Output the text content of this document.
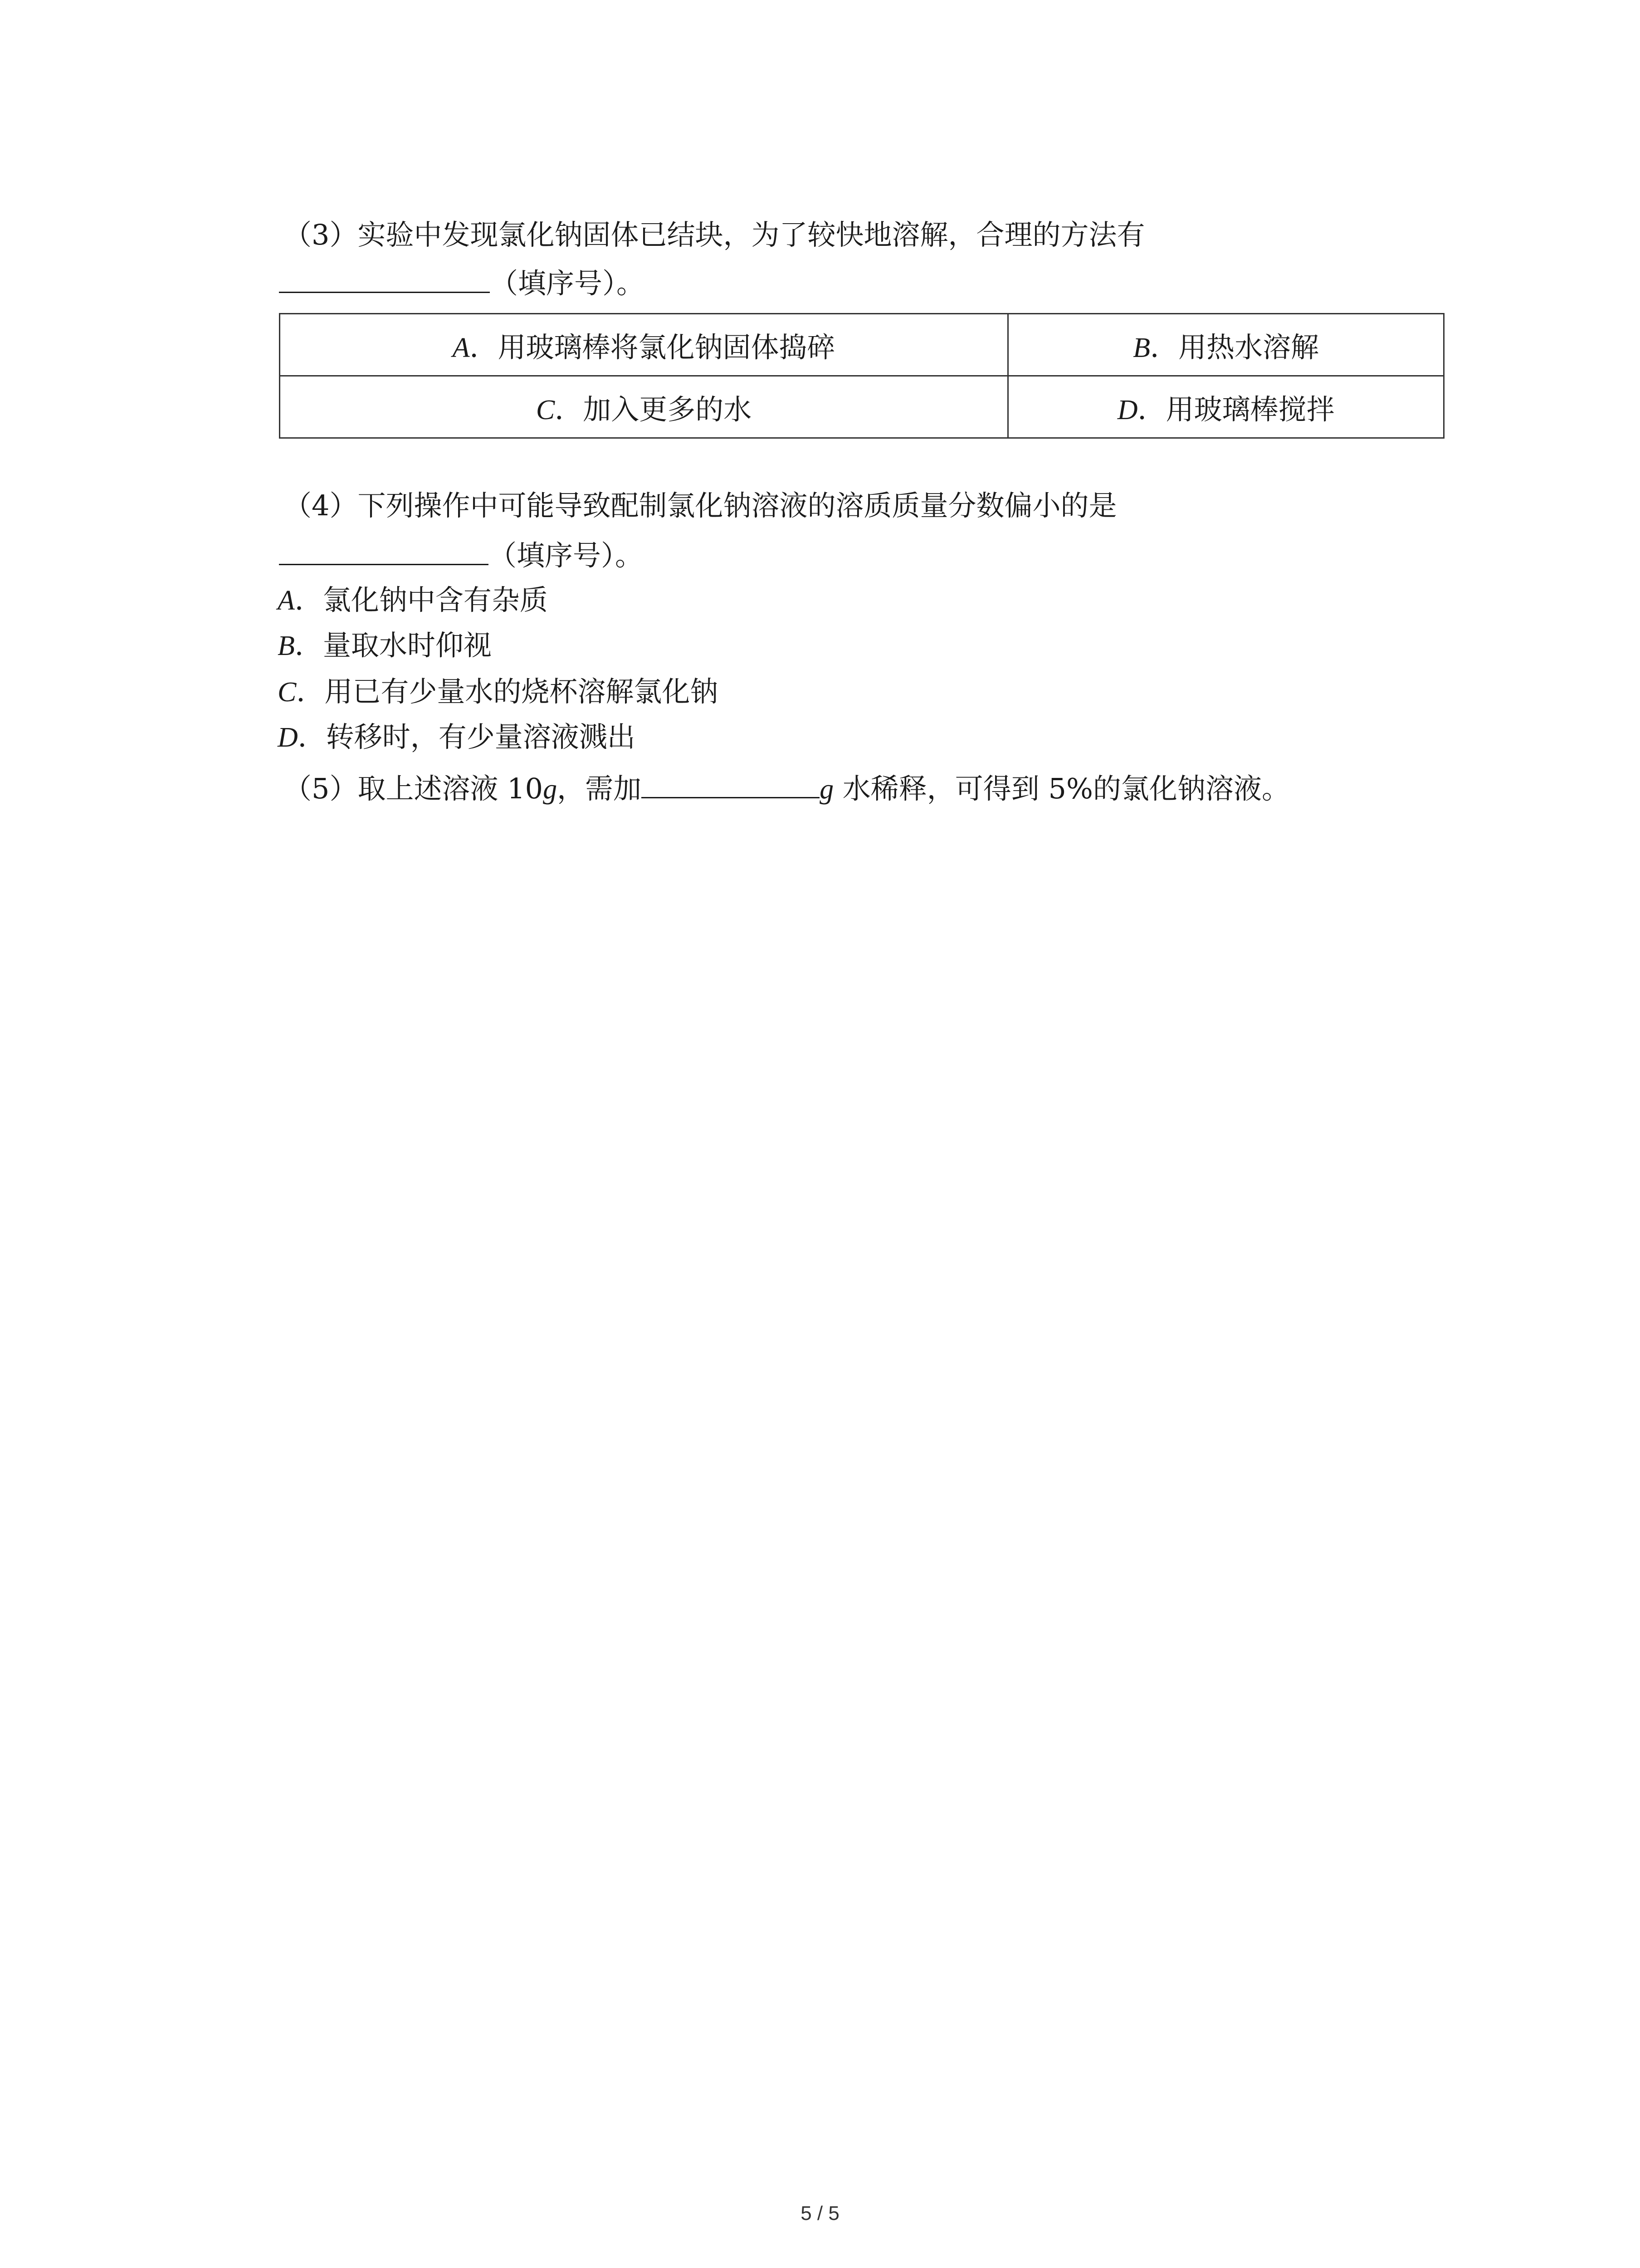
（3）实验中发现氯化钠固体已结块，为了较快地溶解，合理的方法有
（填序号）。
A．用玻璃棒将氯化钠固体捣碎	B．用热水溶解
C．加入更多的水	D．用玻璃棒搅拌
（4）下列操作中可能导致配制氯化钠溶液的溶质质量分数偏小的是
（填序号）。
A．氯化钠中含有杂质
B．量取水时仰视
C．用已有少量水的烧杯溶解氯化钠
D．转移时，有少量溶液溅出
（5）取上述溶液 10g，需加	g 水稀释，可得到 5%的氯化钠溶液。
5 / 5
